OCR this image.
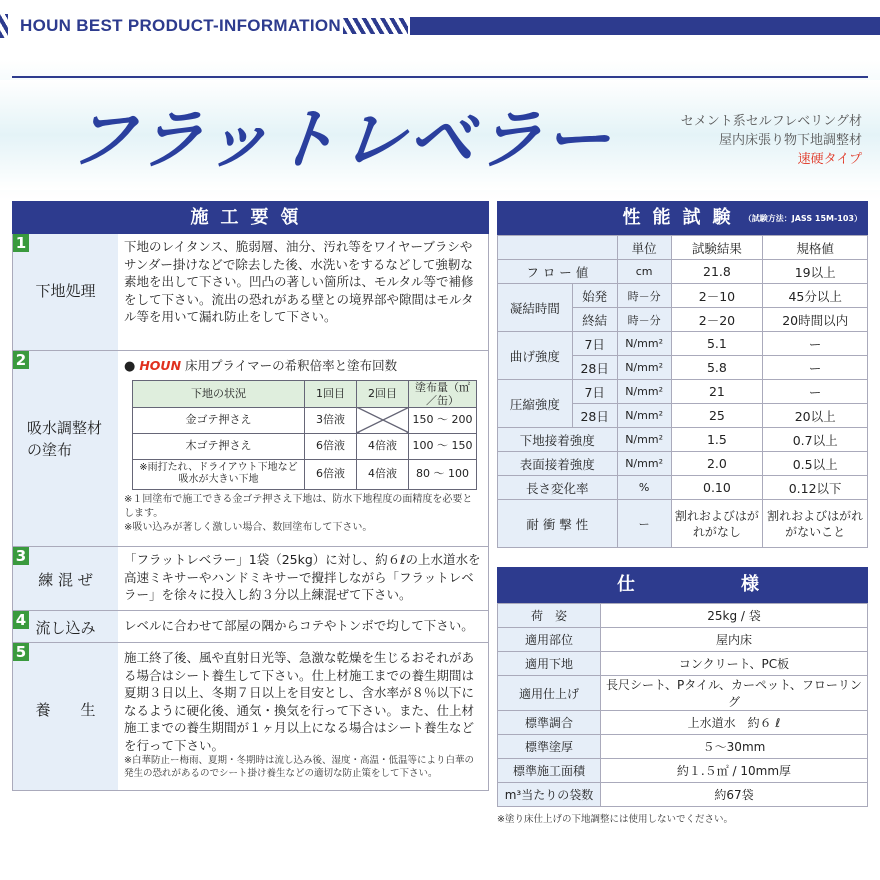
HOUN BEST PRODUCT-INFORMATION
フラットレベラー	セメント系セルフレベリング材
屋内床張り物下地調整材
速硬タイプ
施工要領
1
下地処理
下地のレイタンス、脆弱層、油分、汚れ等をワイヤーブラシやサンダー掛けなどで除去した後、水洗いをするなどして強靭な素地を出して下さい。凹凸の著しい箇所は、モルタル等で補修をして下さい。流出の恐れがある壁との境界部や隙間はモルタル等を用いて漏れ防止をして下さい。
2
吸水調整材の塗布
● HOUN 床用プライマーの希釈倍率と塗布回数
下地の状況	1回目	2回目	塗布量（㎡／缶）
金ゴテ押さえ	3倍液		150 〜 200
木ゴテ押さえ	6倍液	4倍液	100 〜 150
※雨打たれ、ドライアウト下地など吸水が大きい下地	6倍液	4倍液	80 〜 100
※１回塗布で施工できる金ゴテ押さえ下地は、防水下地程度の面精度を必要とします。
※吸い込みが著しく激しい場合、数回塗布して下さい。
3
練 混 ぜ
「フラットレベラー」1袋（25kg）に対し、約６ℓの上水道水を高速ミキサーやハンドミキサーで攪拌しながら「フラットレベラー」を徐々に投入し約３分以上練混ぜて下さい。
4 流し込み	レベルに合わせて部屋の隅からコテやトンボで均して下さい。
5
養　　生
施工終了後、風や直射日光等、急激な乾燥を生じるおそれがある場合はシート養生して下さい。仕上材施工までの養生期間は夏期３日以上、冬期７日以上を目安とし、含水率が８％以下になるように硬化後、通気・換気を行って下さい。また、仕上材施工までの養生期間が１ヶ月以上になる場合はシート養生などを行って下さい。
※白華防止ー梅雨、夏期・冬期時は流し込み後、湿度・高温・低温等により白華の発生の恐れがあるのでシート掛け養生などの適切な防止策をして下さい。
性能試験 （試験方法：JASS 15M-103）
		単位	試験結果	規格値
フ ロ ー 値		cm	21.8	19以上
凝結時間	始発	時－分	2－10	45分以上
	終結	時－分	2－20	20時間以内
曲げ強度	7日	N/mm²	5.1	ー
	28日	N/mm²	5.8	ー
圧縮強度	7日	N/mm²	21	ー
	28日	N/mm²	25	20以上
下地接着強度		N/mm²	1.5	0.7以上
表面接着強度		N/mm²	2.0	0.5以上
長さ変化率		%	0.10	0.12以下
耐 衝 撃 性		ー	割れおよびはがれがなし	割れおよびはがれがないこと
仕	様
荷　姿	25kg / 袋
適用部位	屋内床
適用下地	コンクリート、PC板
適用仕上げ	長尺シート、Pタイル、カーペット、フローリング
標準調合	上水道水　約６ ℓ
標準塗厚	５〜30mm
標準施工面積	約１.５㎡ / 10mm厚
m³当たりの袋数	約67袋
※塗り床仕上げの下地調整には使用しないでください。
